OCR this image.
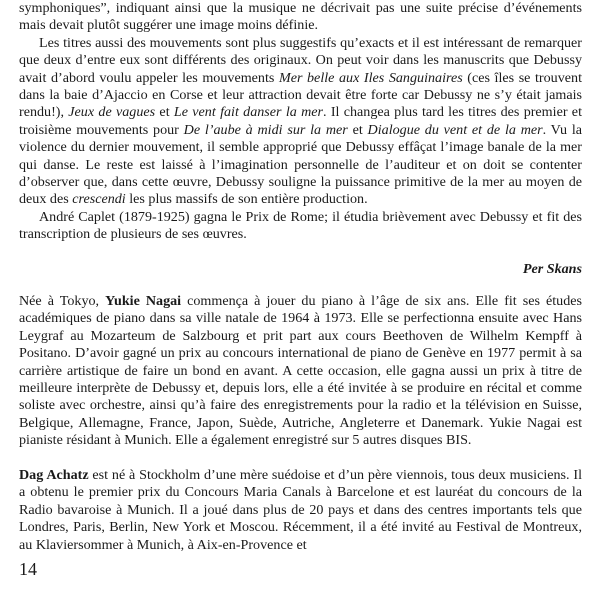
symphoniques”, indiquant ainsi que la musique ne décrivait pas une suite précise d’événements mais devait plutôt suggérer une image moins définie.

Les titres aussi des mouvements sont plus suggestifs qu’exacts et il est intéressant de remarquer que deux d’entre eux sont différents des originaux. On peut voir dans les manuscrits que Debussy avait d’abord voulu appeler les mouvements Mer belle aux Iles Sanguinaires (ces îles se trouvent dans la baie d’Ajaccio en Corse et leur attraction devait être forte car Debussy ne s’y était jamais rendu!), Jeux de vagues et Le vent fait danser la mer. Il changea plus tard les titres des premier et troisième mouvements pour De l’aube à midi sur la mer et Dialogue du vent et de la mer. Vu la violence du dernier mouvement, il semble approprié que Debussy effâçat l’image banale de la mer qui danse. Le reste est laissé à l’imagination personnelle de l’auditeur et on doit se contenter d’observer que, dans cette œuvre, Debussy souligne la puissance primitive de la mer au moyen de deux des crescendi les plus massifs de son entière production.

André Caplet (1879-1925) gagna le Prix de Rome; il étudia brièvement avec Debussy et fit des transcription de plusieurs de ses œuvres.

Per Skans

Née à Tokyo, Yukie Nagai commença à jouer du piano à l’âge de six ans. Elle fit ses études académiques de piano dans sa ville natale de 1964 à 1973. Elle se perfectionna ensuite avec Hans Leygraf au Mozarteum de Salzbourg et prit part aux cours Beethoven de Wilhelm Kempff à Positano. D’avoir gagné un prix au concours international de piano de Genève en 1977 permit à sa carrière artistique de faire un bond en avant. A cette occasion, elle gagna aussi un prix à titre de meilleure interprète de Debussy et, depuis lors, elle a été invitée à se produire en récital et comme soliste avec orchestre, ainsi qu’à faire des enregistrements pour la radio et la télévision en Suisse, Belgique, Allemagne, France, Japon, Suède, Autriche, Angleterre et Danemark. Yukie Nagai est pianiste résidant à Munich. Elle a également enregistré sur 5 autres disques BIS.

Dag Achatz est né à Stockholm d’une mère suédoise et d’un père viennois, tous deux musiciens. Il a obtenu le premier prix du Concours Maria Canals à Barcelone et est lauréat du concours de la Radio bavaroise à Munich. Il a joué dans plus de 20 pays et dans des centres importants tels que Londres, Paris, Berlin, New York et Moscou. Récemment, il a été invité au Festival de Montreux, au Klaviersommer à Munich, à Aix-en-Provence et

14
